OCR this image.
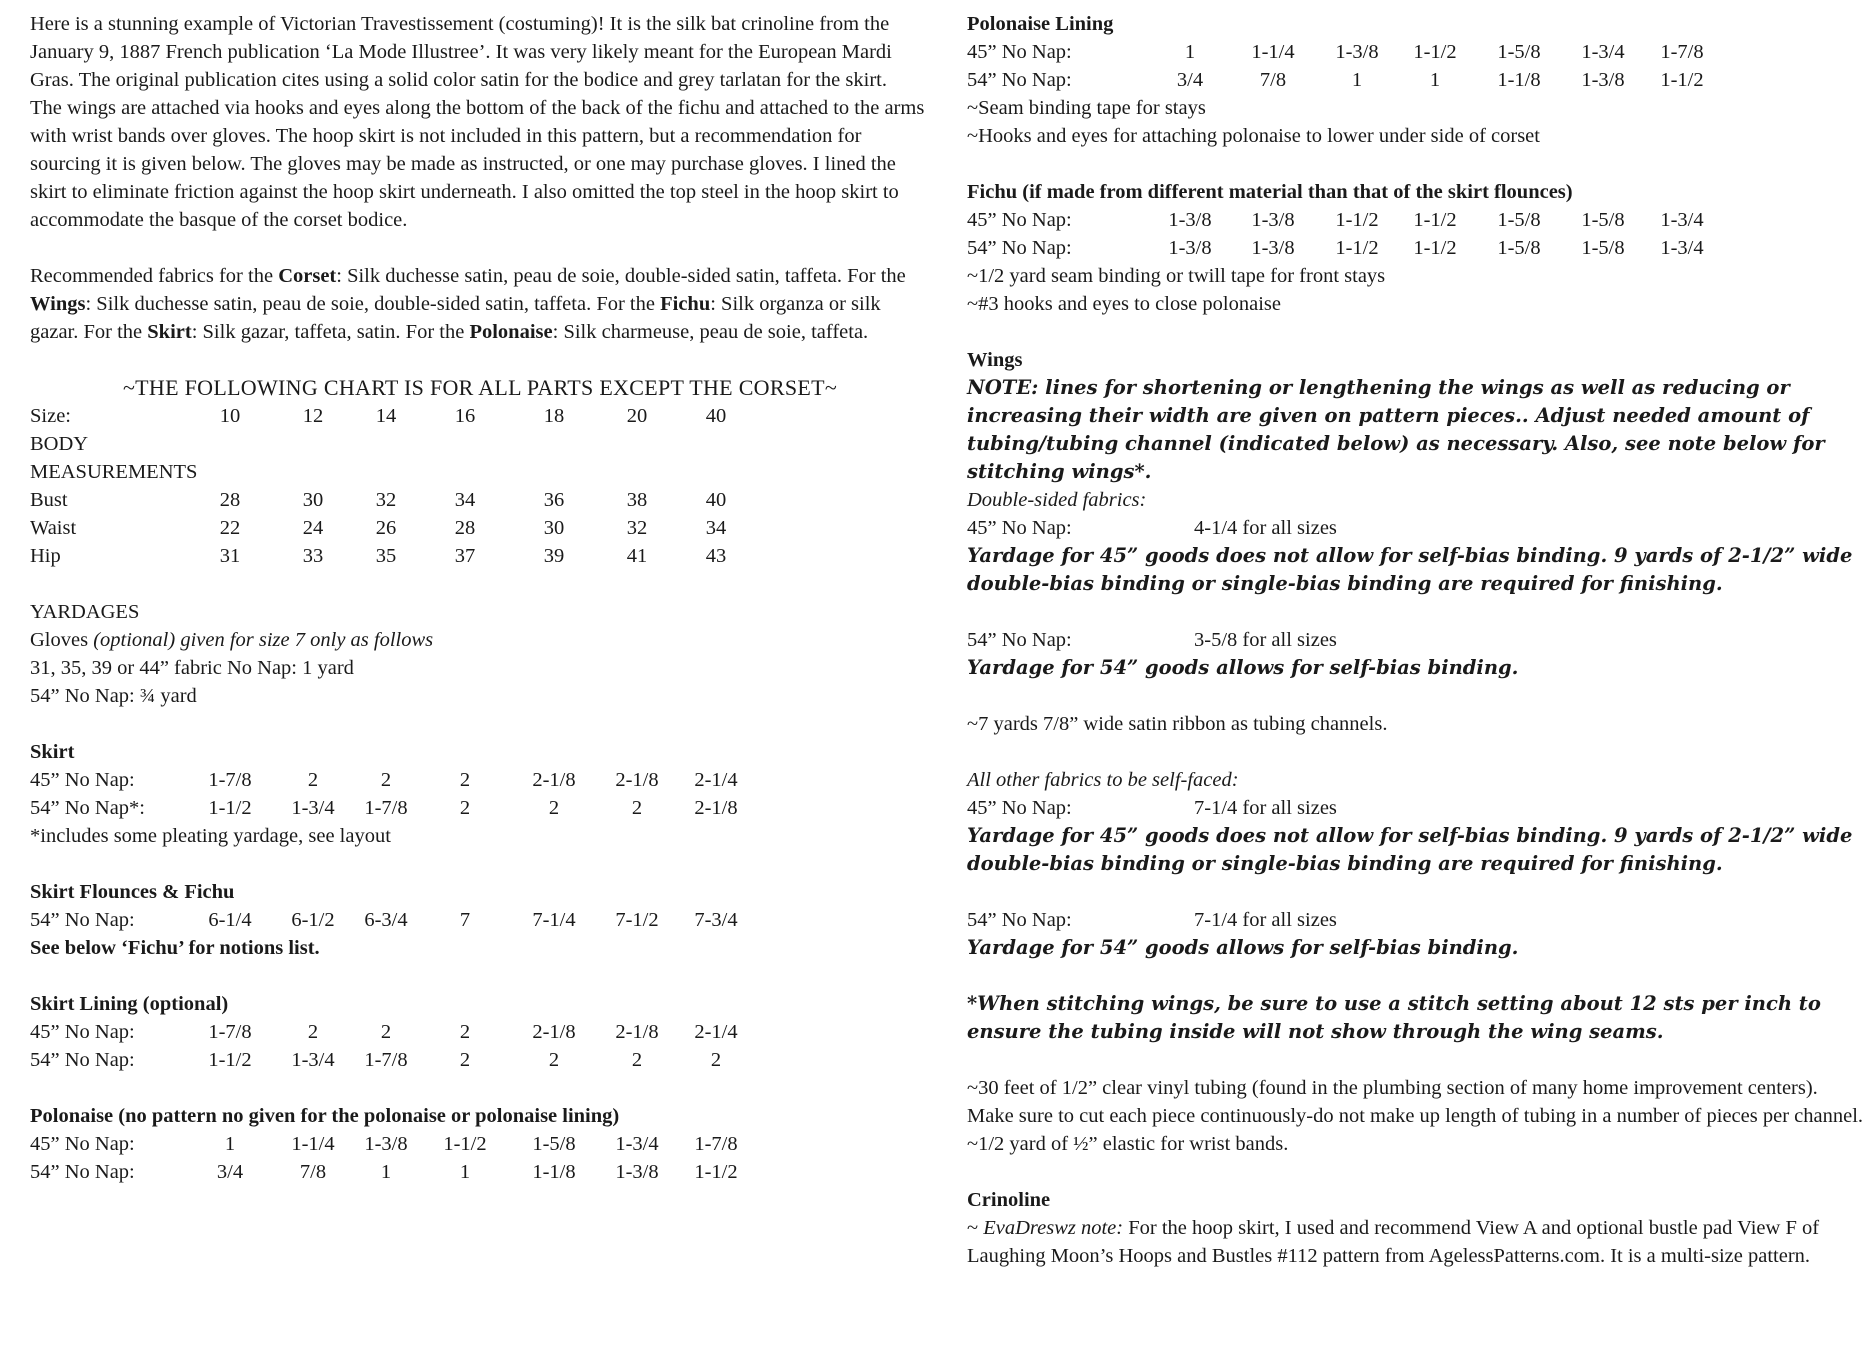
Here is a stunning example of Victorian Travestissement (costuming)! It is the silk bat crinoline from the January 9, 1887 French publication ‘La Mode Illustree’. It was very likely meant for the European Mardi Gras. The original publication cites using a solid color satin for the bodice and grey tarlatan for the skirt.

The wings are attached via hooks and eyes along the bottom of the back of the fichu and attached to the arms with wrist bands over gloves. The hoop skirt is not included in this pattern, but a recommendation for sourcing it is given below. The gloves may be made as instructed, or one may purchase gloves. I lined the skirt to eliminate friction against the hoop skirt underneath. I also omitted the top steel in the hoop skirt to accommodate the basque of the corset bodice.

Recommended fabrics for the Corset: Silk duchesse satin, peau de soie, double-sided satin, taffeta. For the Wings: Silk duchesse satin, peau de soie, double-sided satin, taffeta. For the Fichu: Silk organza or silk gazar. For the Skirt: Silk gazar, taffeta, satin. For the Polonaise: Silk charmeuse, peau de soie, taffeta.

~THE FOLLOWING CHART IS FOR ALL PARTS EXCEPT THE CORSET~

Size:	10	12	14	16	18	20	40

BODY

MEASUREMENTS

Bust	28	30	32	34	36	38	40
Waist	22	24	26	28	30	32	34
Hip	31	33	35	37	39	41	43

YARDAGES

Gloves (optional) given for size 7 only as follows

31, 35, 39 or 44” fabric No Nap: 1 yard

54” No Nap: ¾ yard

Skirt

45” No Nap:	1-7/8	2	2	2	2-1/8	2-1/8	2-1/4
54” No Nap*:	1-1/2	1-3/4	1-7/8	2	2	2	2-1/8

*includes some pleating yardage, see layout

Skirt Flounces & Fichu

54” No Nap:	6-1/4	6-1/2	6-3/4	7	7-1/4	7-1/2	7-3/4

See below ‘Fichu’ for notions list.

Skirt Lining (optional)

45” No Nap:	1-7/8	2	2	2	2-1/8	2-1/8	2-1/4
54” No Nap:	1-1/2	1-3/4	1-7/8	2	2	2	2

Polonaise (no pattern no given for the polonaise or polonaise lining)

45” No Nap:	1	1-1/4	1-3/8	1-1/2	1-5/8	1-3/4	1-7/8
54” No Nap:	3/4	7/8	1	1	1-1/8	1-3/8	1-1/2

Polonaise Lining

45” No Nap:	1	1-1/4	1-3/8	1-1/2	1-5/8	1-3/4	1-7/8
54” No Nap:	3/4	7/8	1	1	1-1/8	1-3/8	1-1/2

~Seam binding tape for stays

~Hooks and eyes for attaching polonaise to lower under side of corset

Fichu (if made from different material than that of the skirt flounces)

45” No Nap:	1-3/8	1-3/8	1-1/2	1-1/2	1-5/8	1-5/8	1-3/4
54” No Nap:	1-3/8	1-3/8	1-1/2	1-1/2	1-5/8	1-5/8	1-3/4

~1/2 yard seam binding or twill tape for front stays

~#3 hooks and eyes to close polonaise

Wings

NOTE: lines for shortening or lengthening the wings as well as reducing or increasing their width are given on pattern pieces.. Adjust needed amount of tubing/tubing channel (indicated below) as necessary. Also, see note below for stitching wings*.

Double-sided fabrics:

45” No Nap:	4-1/4 for all sizes

Yardage for 45” goods does not allow for self-bias binding. 9 yards of 2-1/2” wide double-bias binding or single-bias binding are required for finishing.

54” No Nap:	3-5/8 for all sizes

Yardage for 54” goods allows for self-bias binding.

~7 yards 7/8” wide satin ribbon as tubing channels.

All other fabrics to be self-faced:

45” No Nap:	7-1/4 for all sizes

Yardage for 45” goods does not allow for self-bias binding. 9 yards of 2-1/2” wide double-bias binding or single-bias binding are required for finishing.

54” No Nap:	7-1/4 for all sizes

Yardage for 54” goods allows for self-bias binding.

*When stitching wings, be sure to use a stitch setting about 12 sts per inch to ensure the tubing inside will not show through the wing seams.

~30 feet of 1/2” clear vinyl tubing (found in the plumbing section of many home improvement centers). Make sure to cut each piece continuously-do not make up length of tubing in a number of pieces per channel.

~1/2 yard of ½” elastic for wrist bands.

Crinoline

~ EvaDreswz note: For the hoop skirt, I used and recommend View A and optional bustle pad View F of Laughing Moon’s Hoops and Bustles #112 pattern from AgelessPatterns.com. It is a multi-size pattern.
